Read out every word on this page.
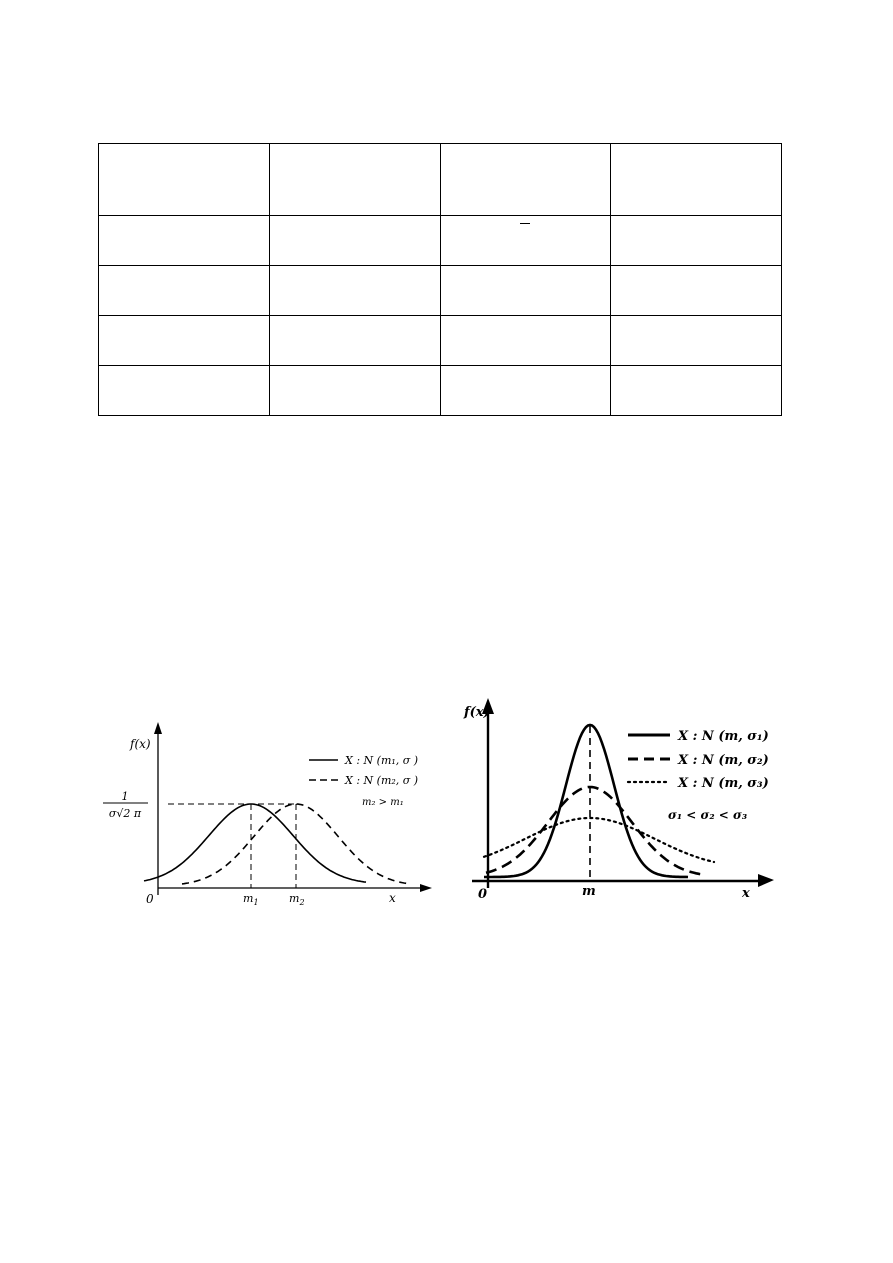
f(x)
1
σ√2 π
0	x
$m_1$	$m_2$
X : N (m₁, σ )
X : N (m₂, σ )
m₂ > m₁
f(x)
0	m	x
X : N (m, σ₁)
X : N (m, σ₂)
X : N (m, σ₃)
σ₁ < σ₂ < σ₃
